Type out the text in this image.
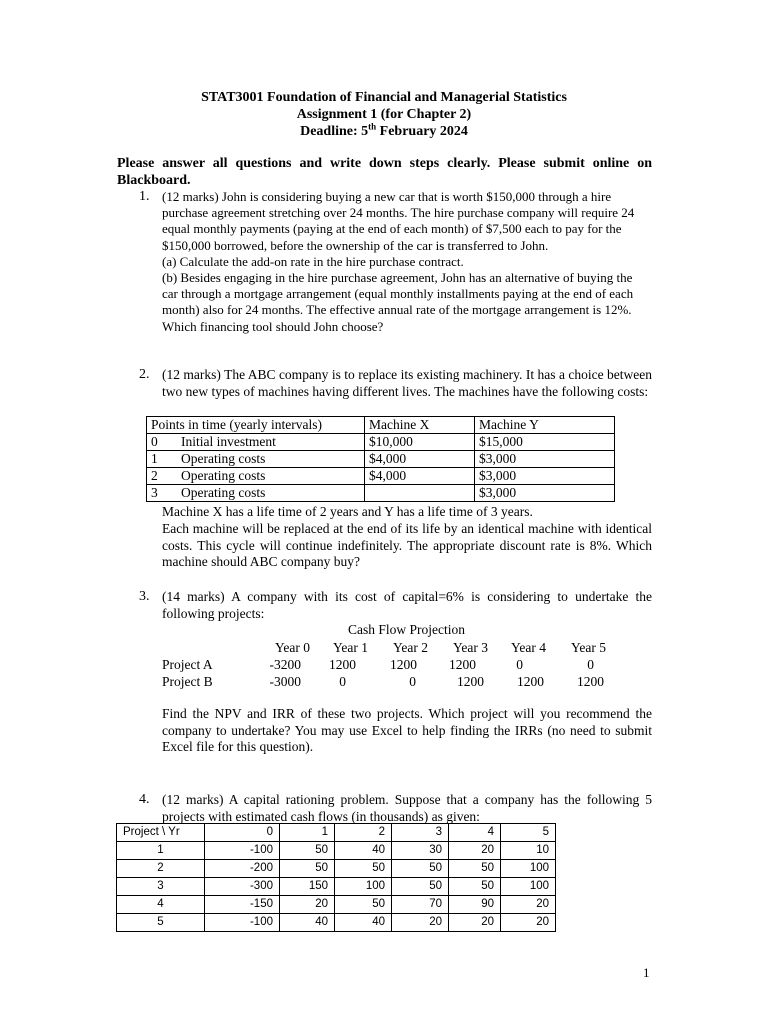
STAT3001 Foundation of Financial and Managerial Statistics
Assignment 1 (for Chapter 2)
Deadline: 5th February 2024
Please answer all questions and write down steps clearly. Please submit online on Blackboard.
1. (12 marks) John is considering buying a new car that is worth $150,000 through a hire purchase agreement stretching over 24 months. The hire purchase company will require 24 equal monthly payments (paying at the end of each month) of $7,500 each to pay for the $150,000 borrowed, before the ownership of the car is transferred to John.

(a) Calculate the add-on rate in the hire purchase contract.

(b) Besides engaging in the hire purchase agreement, John has an alternative of buying the car through a mortgage arrangement (equal monthly installments paying at the end of each month) also for 24 months. The effective annual rate of the mortgage arrangement is 12%. Which financing tool should John choose?

2. (12 marks) The ABC company is to replace its existing machinery. It has a choice between two new types of machines having different lives. The machines have the following costs:
Points in time (yearly intervals)	Machine X	Machine Y
0 Initial investment	$10,000	$15,000
1 Operating costs	$4,000	$3,000
2 Operating costs	$4,000	$3,000
3 Operating costs		$3,000
Machine X has a life time of 2 years and Y has a life time of 3 years.
Each machine will be replaced at the end of its life by an identical machine with identical costs. This cycle will continue indefinitely. The appropriate discount rate is 8%. Which machine should ABC company buy?
3. (14 marks) A company with its cost of capital=6% is considering to undertake the following projects:
Cash Flow Projection
	Year 0	Year 1	Year 2	Year 3	Year 4	Year 5
Project A	-3200	1200	1200	1200	0	0
Project B	-3000	0	0	1200	1200	1200
Find the NPV and IRR of these two projects. Which project will you recommend the company to undertake? You may use Excel to help finding the IRRs (no need to submit Excel file for this question).
4. (12 marks) A capital rationing problem. Suppose that a company has the following 5 projects with estimated cash flows (in thousands) as given:
Project \ Yr	0	1	2	3	4	5
1	-100	50	40	30	20	10
2	-200	50	50	50	50	100
3	-300	150	100	50	50	100
4	-150	20	50	70	90	20
5	-100	40	40	20	20	20
1
